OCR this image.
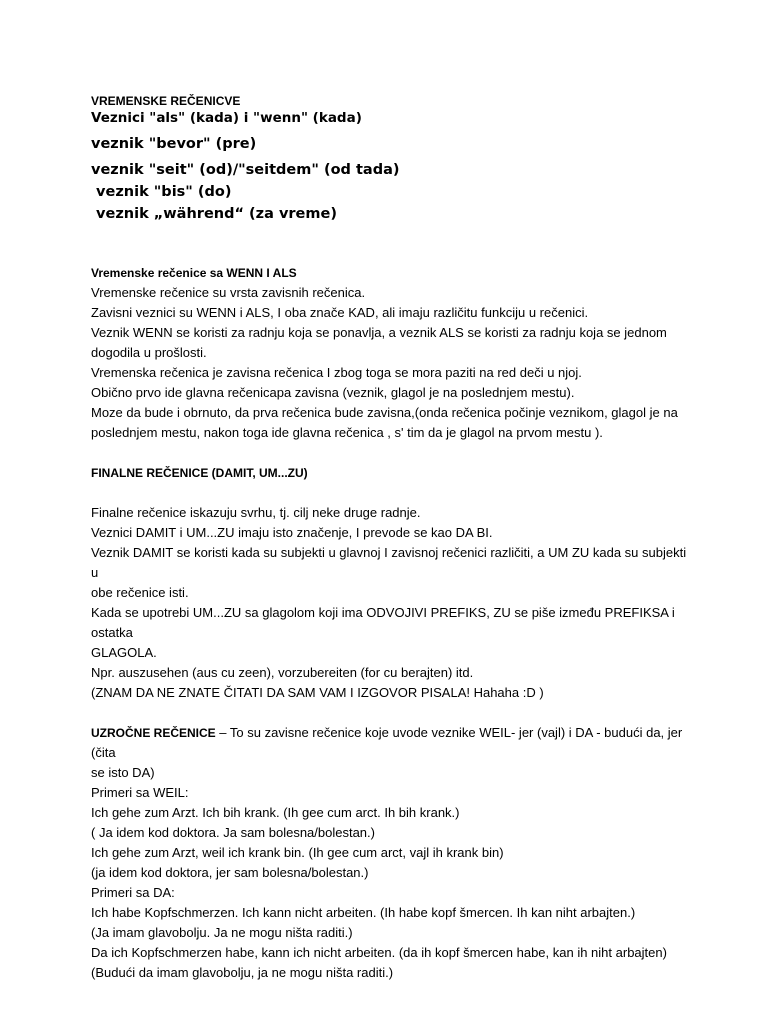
VREMENSKE REČENICVE

Veznici "als" (kada) i "wenn" (kada)

veznik "bevor" (pre)

veznik "seit" (od)/"seitdem" (od tada)

veznik "bis" (do)

veznik „während“ (za vreme)

Vremenske rečenice sa WENN I ALS

Vremenske rečenice su vrsta zavisnih rečenica.

Zavisni veznici su WENN i ALS, I oba znače KAD, ali imaju različitu funkciju u rečenici.

Veznik WENN se koristi za radnju koja se ponavlja, a veznik ALS se koristi za radnju koja se jednom

dogodila u prošlosti.

Vremenska rečenica je zavisna rečenica I zbog toga se mora paziti na red deči u njoj.

Obično prvo ide glavna rečenicapa zavisna (veznik, glagol je na poslednjem mestu).

Moze da bude i obrnuto, da prva rečenica bude zavisna,(onda rečenica počinje veznikom, glagol je na

poslednjem mestu, nakon toga ide glavna rečenica , s' tim da je glagol na prvom mestu ).

FINALNE REČENICE (DAMIT, UM...ZU)

Finalne rečenice iskazuju svrhu, tj. cilj neke druge radnje.

Veznici DAMIT i UM...ZU imaju isto značenje, I prevode se kao DA BI.

Veznik DAMIT se koristi kada su subjekti u glavnoj I zavisnoj rečenici različiti, a UM ZU kada su subjekti u

obe rečenice isti.

Kada se upotrebi UM...ZU sa glagolom koji ima ODVOJIVI PREFIKS, ZU se piše između PREFIKSA i ostatka

GLAGOLA.

Npr. auszusehen (aus cu zeen), vorzubereiten (for cu berajten) itd.

(ZNAM DA NE ZNATE ČITATI DA SAM VAM I IZGOVOR PISALA! Hahaha :D )

UZROČNE REČENICE – To su zavisne rečenice koje uvode veznike WEIL- jer (vajl) i DA - budući da, jer (čita

se isto DA)

Primeri sa WEIL:

Ich gehe zum Arzt. Ich bih krank. (Ih gee cum arct. Ih bih krank.)

( Ja idem kod doktora. Ja sam bolesna/bolestan.)

Ich gehe zum Arzt, weil ich krank bin. (Ih gee cum arct, vajl ih krank bin)

(ja idem kod doktora, jer sam bolesna/bolestan.)

Primeri sa DA:

Ich habe Kopfschmerzen. Ich kann nicht arbeiten. (Ih habe kopf šmercen. Ih kan niht arbajten.)

(Ja imam glavobolju. Ja ne mogu ništa raditi.)

Da ich Kopfschmerzen habe, kann ich nicht arbeiten. (da ih kopf šmercen habe, kan ih niht arbajten)

(Budući da imam glavobolju, ja ne mogu ništa raditi.)
